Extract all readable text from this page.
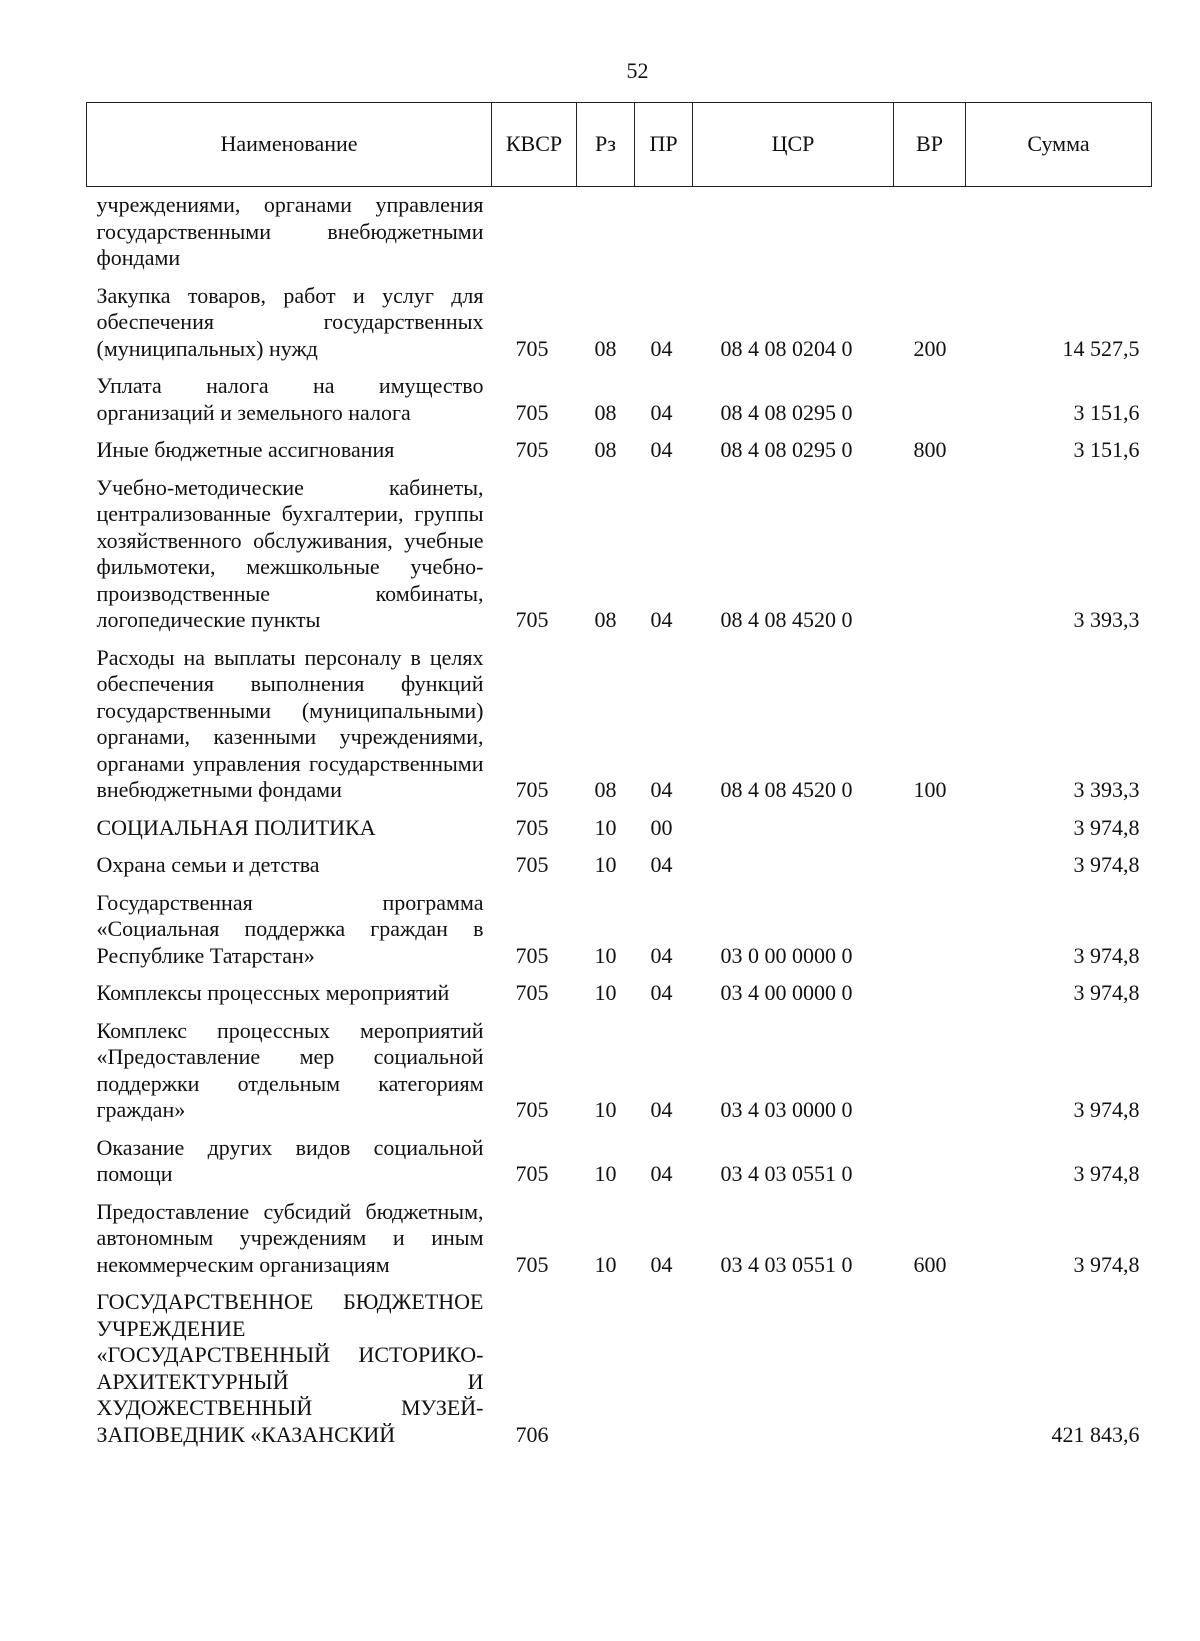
52
Наименование	КВСР	Рз	ПР	ЦСР	ВР	Сумма
учреждениями, органами управления государственными внебюджетными фондами						
Закупка товаров, работ и услуг для обеспечения государственных (муниципальных) нужд	705	08	04	08 4 08 0204 0	200	14 527,5
Уплата налога на имущество организаций и земельного налога	705	08	04	08 4 08 0295 0		3 151,6
Иные бюджетные ассигнования	705	08	04	08 4 08 0295 0	800	3 151,6
Учебно-методические кабинеты, централизованные бухгалтерии, группы хозяйственного обслуживания, учебные фильмотеки, межшкольные учебно-производственные комбинаты, логопедические пункты	705	08	04	08 4 08 4520 0		3 393,3
Расходы на выплаты персоналу в целях обеспечения выполнения функций государственными (муниципальными) органами, казенными учреждениями, органами управления государственными внебюджетными фондами	705	08	04	08 4 08 4520 0	100	3 393,3
СОЦИАЛЬНАЯ ПОЛИТИКА	705	10	00			3 974,8
Охрана семьи и детства	705	10	04			3 974,8
Государственная программа «Социальная поддержка граждан в Республике Татарстан»	705	10	04	03 0 00 0000 0		3 974,8
Комплексы процессных мероприятий	705	10	04	03 4 00 0000 0		3 974,8
Комплекс процессных мероприятий «Предоставление мер социальной поддержки отдельным категориям граждан»	705	10	04	03 4 03 0000 0		3 974,8
Оказание других видов социальной помощи	705	10	04	03 4 03 0551 0		3 974,8
Предоставление субсидий бюджетным, автономным учреждениям и иным некоммерческим организациям	705	10	04	03 4 03 0551 0	600	3 974,8
ГОСУДАРСТВЕННОЕ БЮДЖЕТНОЕ УЧРЕЖДЕНИЕ «ГОСУДАРСТВЕННЫЙ ИСТОРИКО-АРХИТЕКТУРНЫЙ И ХУДОЖЕСТВЕННЫЙ МУЗЕЙ-ЗАПОВЕДНИК «КАЗАНСКИЙ	706					421 843,6
